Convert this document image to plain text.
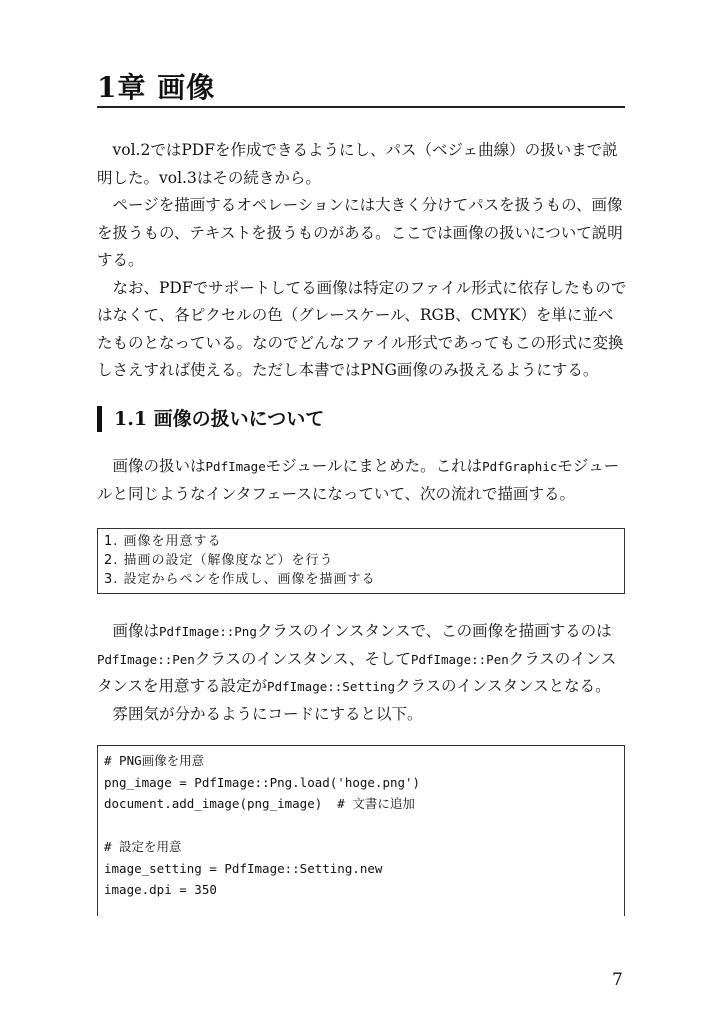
1章 画像
　vol.2ではPDFを作成できるようにし、パス（ベジェ曲線）の扱いまで説
明した。vol.3はその続きから。
　ページを描画するオペレーションには大きく分けてパスを扱うもの、画像
を扱うもの、テキストを扱うものがある。ここでは画像の扱いについて説明
する。
　なお、PDFでサポートしてる画像は特定のファイル形式に依存したもので
はなくて、各ピクセルの色（グレースケール、RGB、CMYK）を単に並べ
たものとなっている。なのでどんなファイル形式であってもこの形式に変換
しさえすれば使える。ただし本書ではPNG画像のみ扱えるようにする。
1.1 画像の扱いについて
　画像の扱いはPdfImageモジュールにまとめた。これはPdfGraphicモジュー
ルと同じようなインタフェースになっていて、次の流れで描画する。
1. 画像を用意する
2. 描画の設定（解像度など）を行う
3. 設定からペンを作成し、画像を描画する
　画像はPdfImage::Pngクラスのインスタンスで、この画像を描画するのは
PdfImage::Penクラスのインスタンス、そしてPdfImage::Penクラスのインス
タンスを用意する設定がPdfImage::Settingクラスのインスタンスとなる。
　雰囲気が分かるようにコードにすると以下。
# PNG画像を用意
png_image = PdfImage::Png.load('hoge.png')
document.add_image(png_image)  # 文書に追加
# 設定を用意
image_setting = PdfImage::Setting.new
image.dpi = 350
7
